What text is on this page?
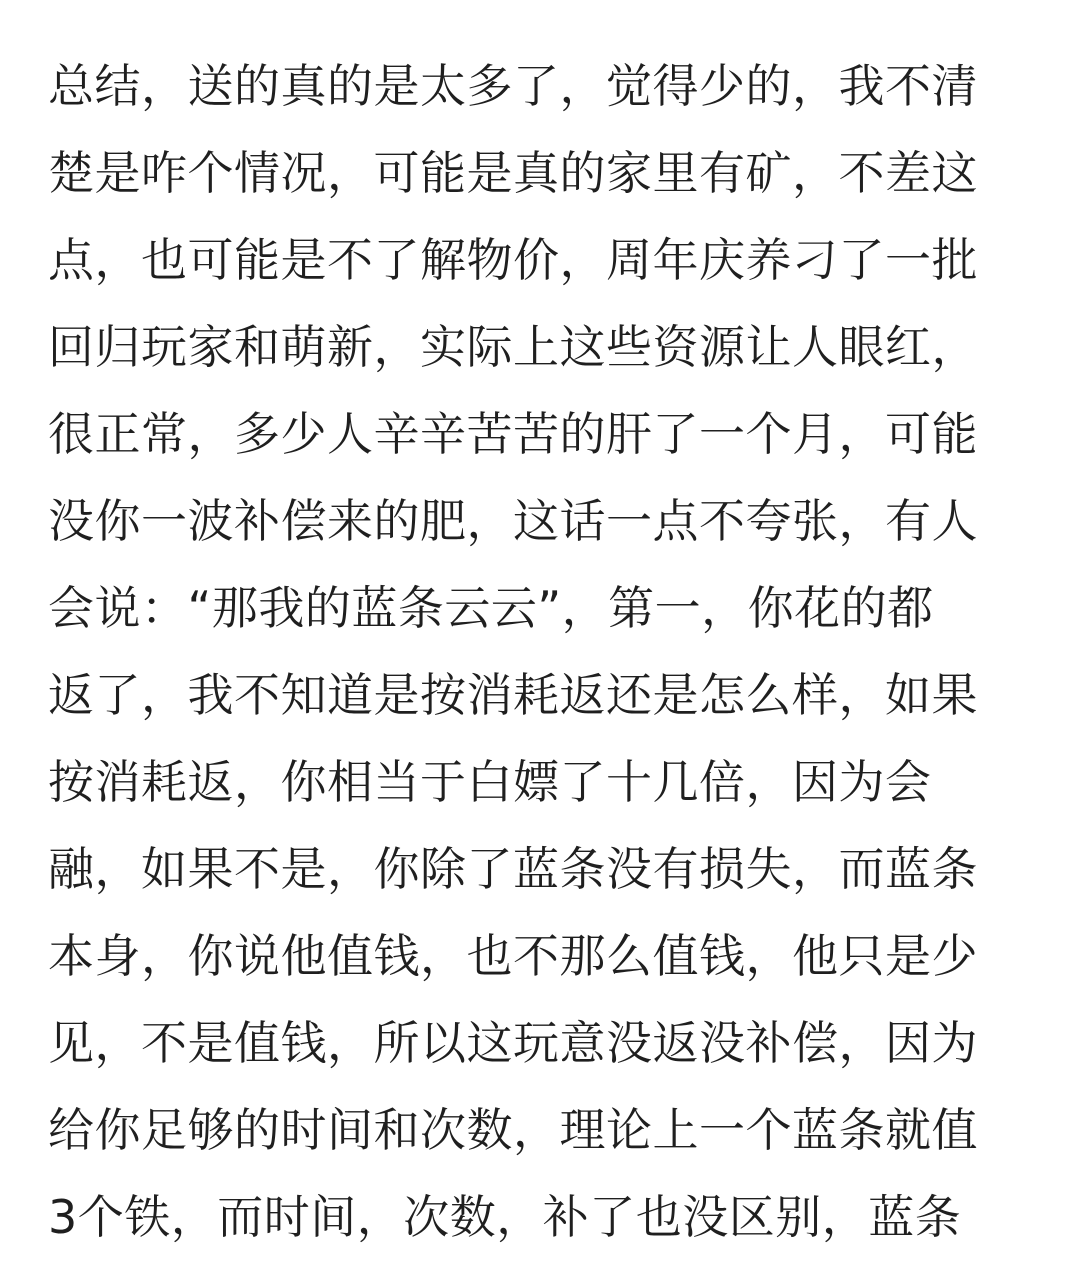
总结，送的真的是太多了，觉得少的，我不清
楚是咋个情况，可能是真的家里有矿，不差这
点，也可能是不了解物价，周年庆养刁了一批
回归玩家和萌新，实际上这些资源让人眼红，
很正常，多少人辛辛苦苦的肝了一个月，可能
没你一波补偿来的肥，这话一点不夸张，有人
会说：“那我的蓝条云云”，第一，你花的都
返了，我不知道是按消耗返还是怎么样，如果
按消耗返，你相当于白嫖了十几倍，因为会
融，如果不是，你除了蓝条没有损失，而蓝条
本身，你说他值钱，也不那么值钱，他只是少
见，不是值钱，所以这玩意没返没补偿，因为
给你足够的时间和次数，理论上一个蓝条就值
3个铁，而时间，次数，补了也没区别，蓝条
